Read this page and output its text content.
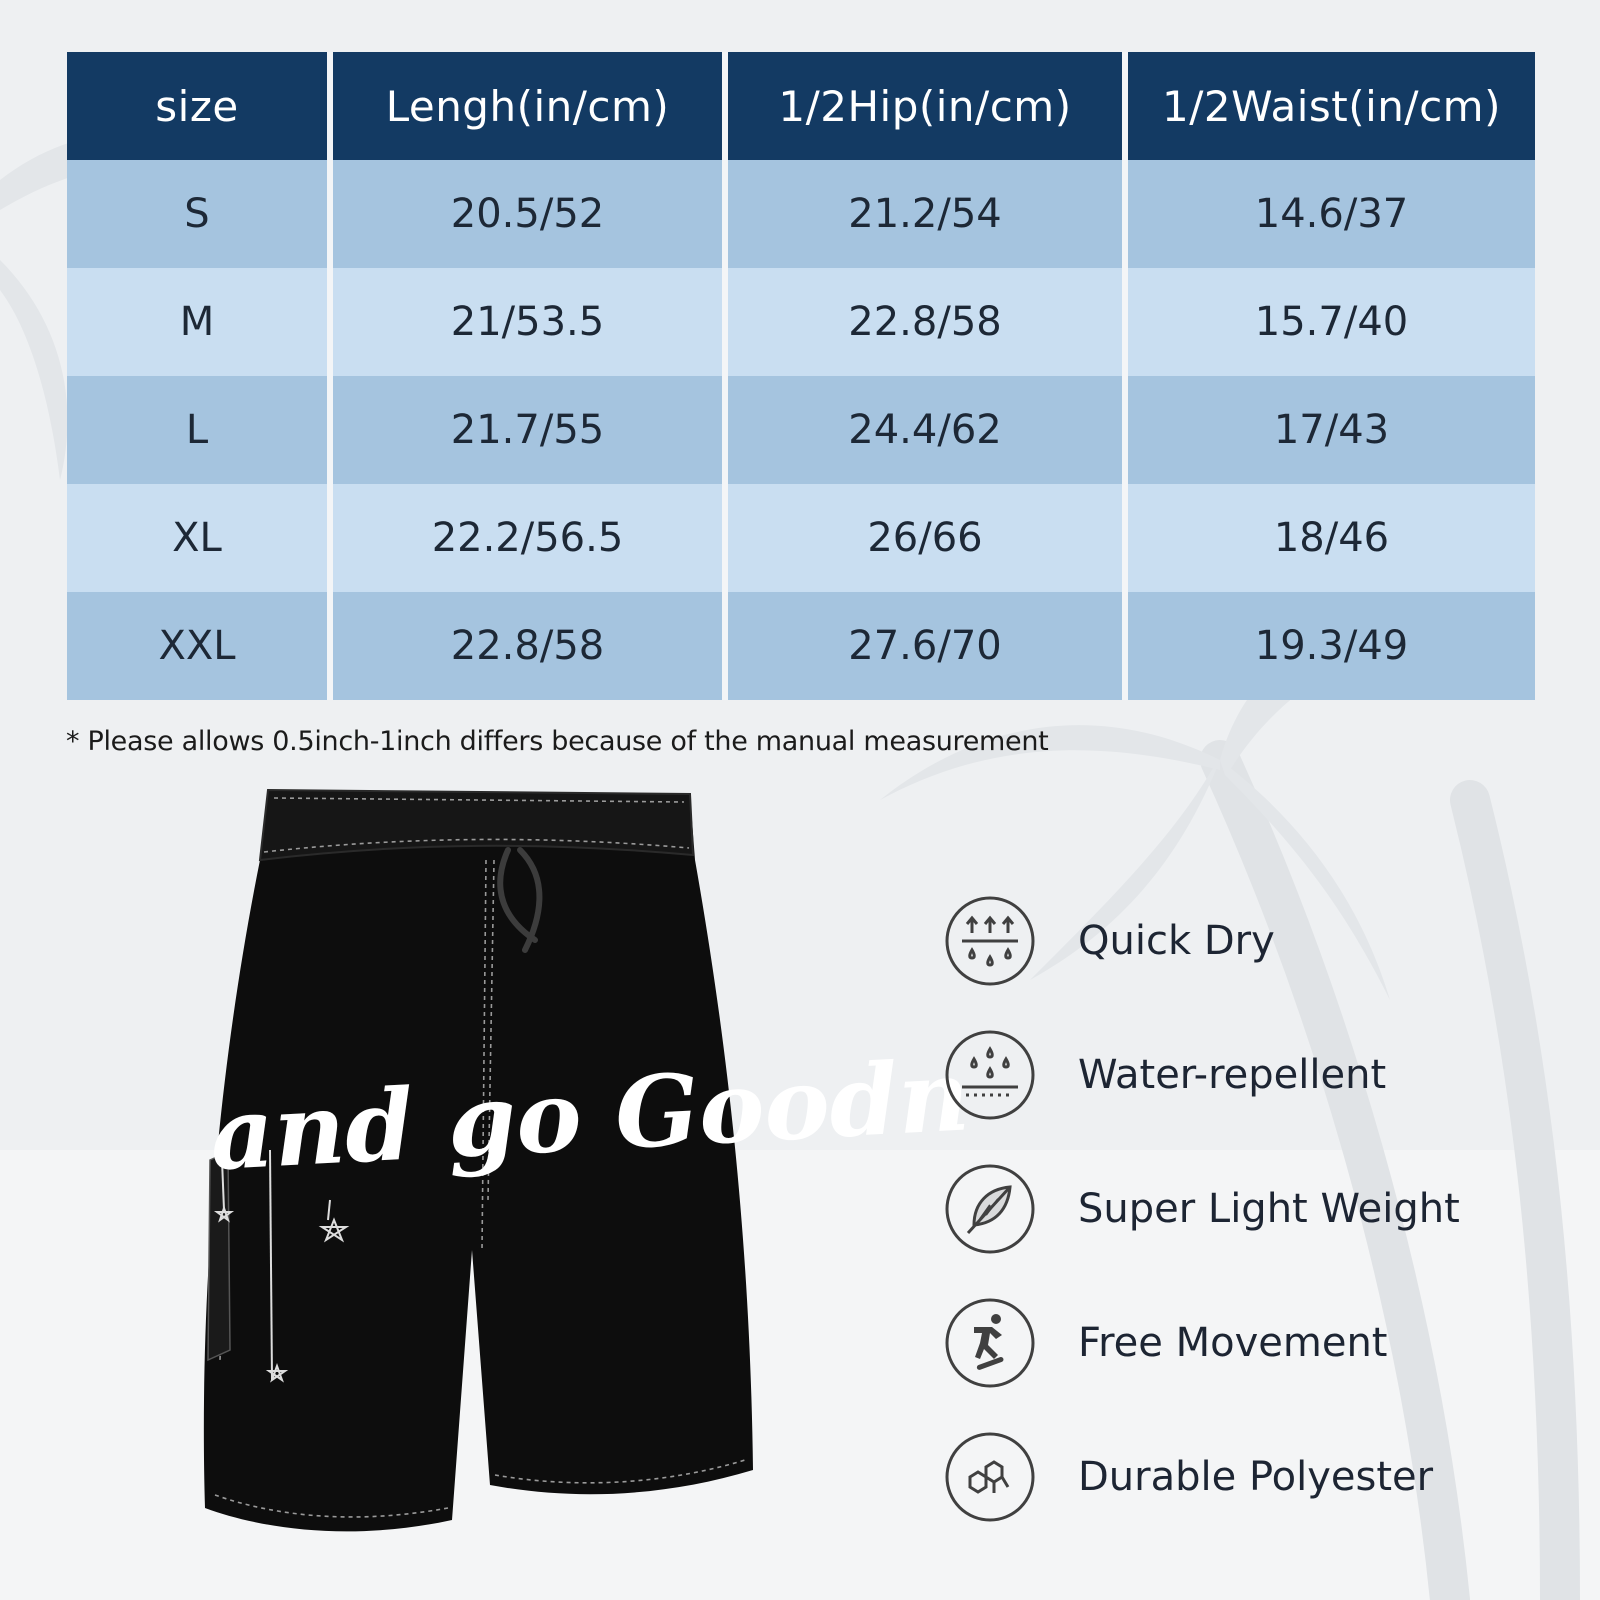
size	Lengh(in/cm)	1/2Hip(in/cm)	1/2Waist(in/cm)
S	20.5/52	21.2/54	14.6/37
M	21/53.5	22.8/58	15.7/40
L	21.7/55	24.4/62	17/43
XL	22.2/56.5	26/66	18/46
XXL	22.8/58	27.6/70	19.3/49
* Please allows 0.5inch-1inch differs because of the manual measurement
and go Goodn
Quick Dry
Water-repellent
Super Light Weight
Free Movement
Durable Polyester
